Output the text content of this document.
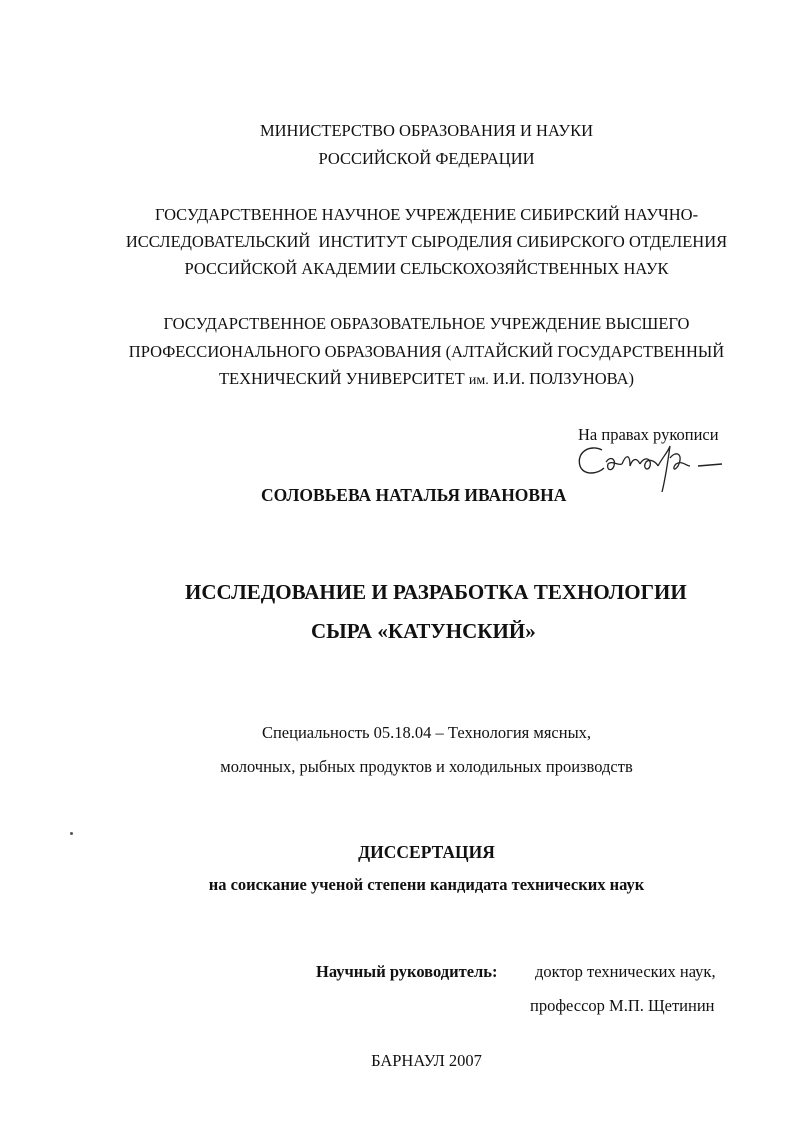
МИНИСТЕРСТВО ОБРАЗОВАНИЯ И НАУКИ
РОССИЙСКОЙ ФЕДЕРАЦИИ
ГОСУДАРСТВЕННОЕ НАУЧНОЕ УЧРЕЖДЕНИЕ СИБИРСКИЙ НАУЧНО-
ИССЛЕДОВАТЕЛЬСКИЙ  ИНСТИТУТ СЫРОДЕЛИЯ СИБИРСКОГО ОТДЕЛЕНИЯ
РОССИЙСКОЙ АКАДЕМИИ СЕЛЬСКОХОЗЯЙСТВЕННЫХ НАУК
ГОСУДАРСТВЕННОЕ ОБРАЗОВАТЕЛЬНОЕ УЧРЕЖДЕНИЕ ВЫСШЕГО
ПРОФЕССИОНАЛЬНОГО ОБРАЗОВАНИЯ (АЛТАЙСКИЙ ГОСУДАРСТВЕННЫЙ
ТЕХНИЧЕСКИЙ УНИВЕРСИТЕТ им. И.И. ПОЛЗУНОВА)
На правах рукописи
СОЛОВЬЕВА НАТАЛЬЯ ИВАНОВНА
ИССЛЕДОВАНИЕ И РАЗРАБОТКА ТЕХНОЛОГИИ
СЫРА «КАТУНСКИЙ»
Специальность 05.18.04 – Технология мясных,
молочных, рыбных продуктов и холодильных производств
ДИССЕРТАЦИЯ
на соискание ученой степени кандидата технических наук
Научный руководитель: доктор технических наук,
профессор М.П. Щетинин
БАРНАУЛ 2007
